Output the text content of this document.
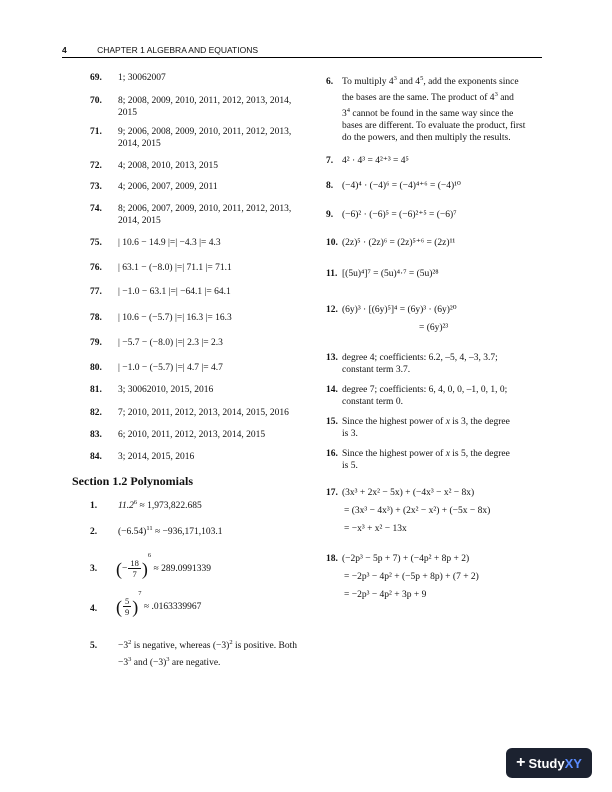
4	CHAPTER 1 ALGEBRA AND EQUATIONS
69. 1; 30062007
70. 8; 2008, 2009, 2010, 2011, 2012, 2013, 2014,
2015
71. 9; 2006, 2008, 2009, 2010, 2011, 2012, 2013,
2014, 2015
72. 4; 2008, 2010, 2013, 2015
73. 4; 2006, 2007, 2009, 2011
74. 8; 2006, 2007, 2009, 2010, 2011, 2012, 2013,
2014, 2015
75. | 10.6 − 14.9 |=| −4.3 |= 4.3
76. | 63.1 − (−8.0) |=| 71.1 |= 71.1
77. | −1.0 − 63.1 |=| −64.1 |= 64.1
78. | 10.6 − (−5.7) |=| 16.3 |= 16.3
79. | −5.7 − (−8.0) |=| 2.3 |= 2.3
80. | −1.0 − (−5.7) |=| 4.7 |= 4.7
81. 3; 30062010, 2015, 2016
82. 7; 2010, 2011, 2012, 2013, 2014, 2015, 2016
83. 6; 2010, 2011, 2012, 2013, 2014, 2015
84. 3; 2014, 2015, 2016
Section 1.2 Polynomials
1. $11.2^6 \approx 1,973,822.685$
2. $(-6.54)^{11} \approx -936,171,103.1$
3. (− $\frac{18}{7} )^6 \approx 289.0991339$
4. ( $\frac{5}{9} )^7 \approx .0163339967$
5. $-3^2$ is negative, whereas $(-3)^2$ is positive. Both
$-3^3$ and $(-3)^3$ are negative.
6. To multiply $4^3$ and $4^5$, add the exponents since
the bases are the same. The product of $4^3$ and
$3^4$ cannot be found in the same way since the
bases are different. To evaluate the product, first
do the powers, and then multiply the results.
7. 4² · 4³ = 4²⁺³ = 4⁵
8. (−4)⁴ · (−4)⁶ = (−4)⁴⁺⁶ = (−4)¹⁰
9. (−6)² · (−6)⁵ = (−6)²⁺⁵ = (−6)⁷
10. (2z)⁵ · (2z)⁶ = (2z)⁵⁺⁶ = (2z)¹¹
11. [(5u)⁴]⁷ = (5u)⁴·⁷ = (5u)²⁸
12. (6y)³ · [(6y)⁵]⁴ = (6y)³ · (6y)²⁰
= (6y)²³
13. degree 4; coefficients: 6.2, –5, 4, –3, 3.7;
constant term 3.7.
14. degree 7; coefficients: 6, 4, 0, 0, –1, 0, 1, 0;
constant term 0.
15. Since the highest power of x is 3, the degree
is 3.
16. Since the highest power of x is 5, the degree
is 5.
17. (3x³ + 2x² − 5x) + (−4x³ − x² − 8x)
= (3x³ − 4x³) + (2x² − x²) + (−5x − 8x)
= −x³ + x² − 13x
18. (−2p³ − 5p + 7) + (−4p² + 8p + 2)
= −2p³ − 4p² + (−5p + 8p) + (7 + 2)
= −2p³ − 4p² + 3p + 9
+ Study XY
